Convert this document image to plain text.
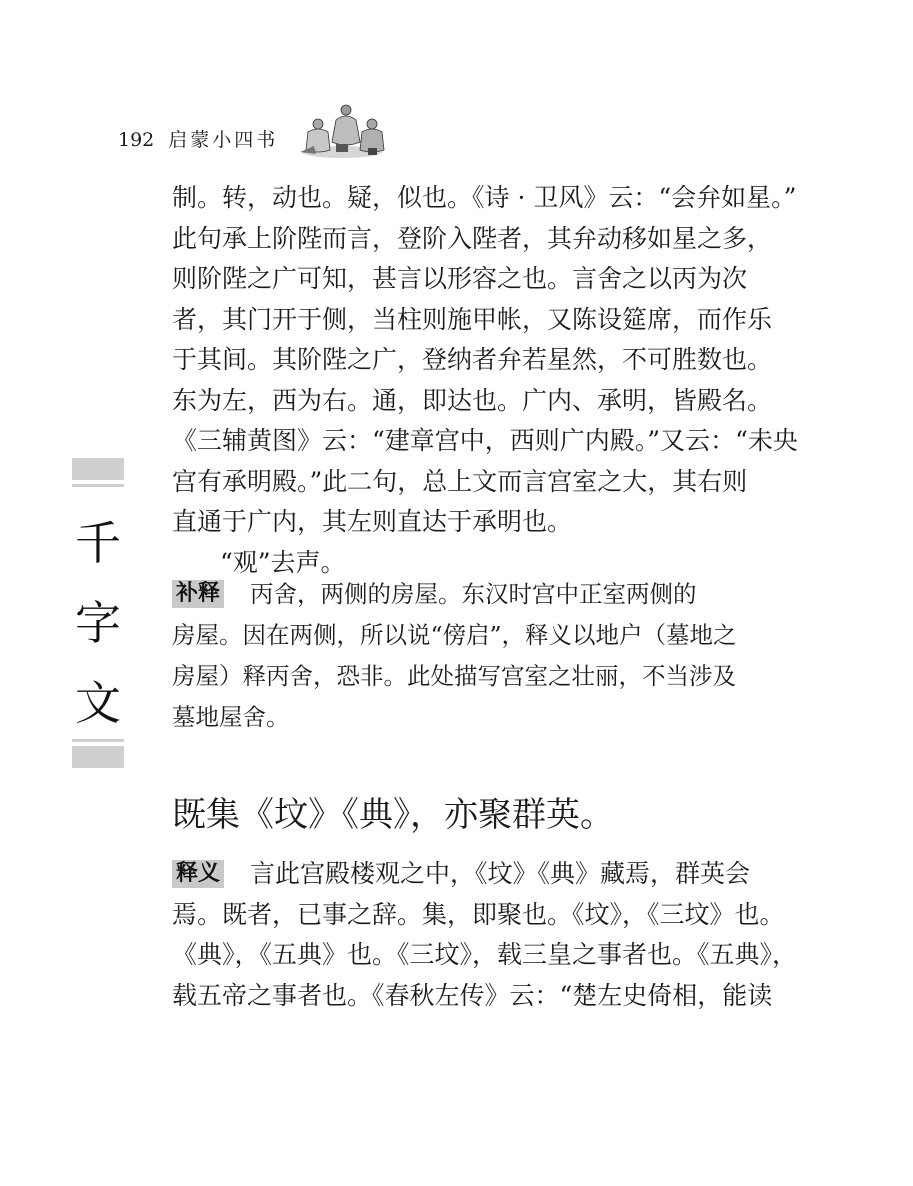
192 启蒙小四书
千
字
文
制。转，动也。疑，似也。《诗 · 卫风》云：“会弁如星。”
此句承上阶陛而言，登阶入陛者，其弁动移如星之多，
则阶陛之广可知，甚言以形容之也。言舍之以丙为次
者，其门开于侧，当柱则施甲帐，又陈设筵席，而作乐
于其间。其阶陛之广，登纳者弁若星然，不可胜数也。
东为左，西为右。通，即达也。广内、承明，皆殿名。
《三辅黄图》云：“建章宫中，西则广内殿。”又云：“未央
宫有承明殿。”此二句，总上文而言宫室之大，其右则
直通于广内，其左则直达于承明也。
“观”去声。
补释 丙舍，两侧的房屋。东汉时宫中正室两侧的
房屋。因在两侧，所以说“傍启”，释义以地户（墓地之
房屋）释丙舍，恐非。此处描写宫室之壮丽，不当涉及
墓地屋舍。
既集《坟》《典》，亦聚群英。
释义 言此宫殿楼观之中，《坟》《典》藏焉，群英会
焉。既者，已事之辞。集，即聚也。《坟》，《三坟》也。
《典》，《五典》也。《三坟》，载三皇之事者也。《五典》，
载五帝之事者也。《春秋左传》云：“楚左史倚相，能读
